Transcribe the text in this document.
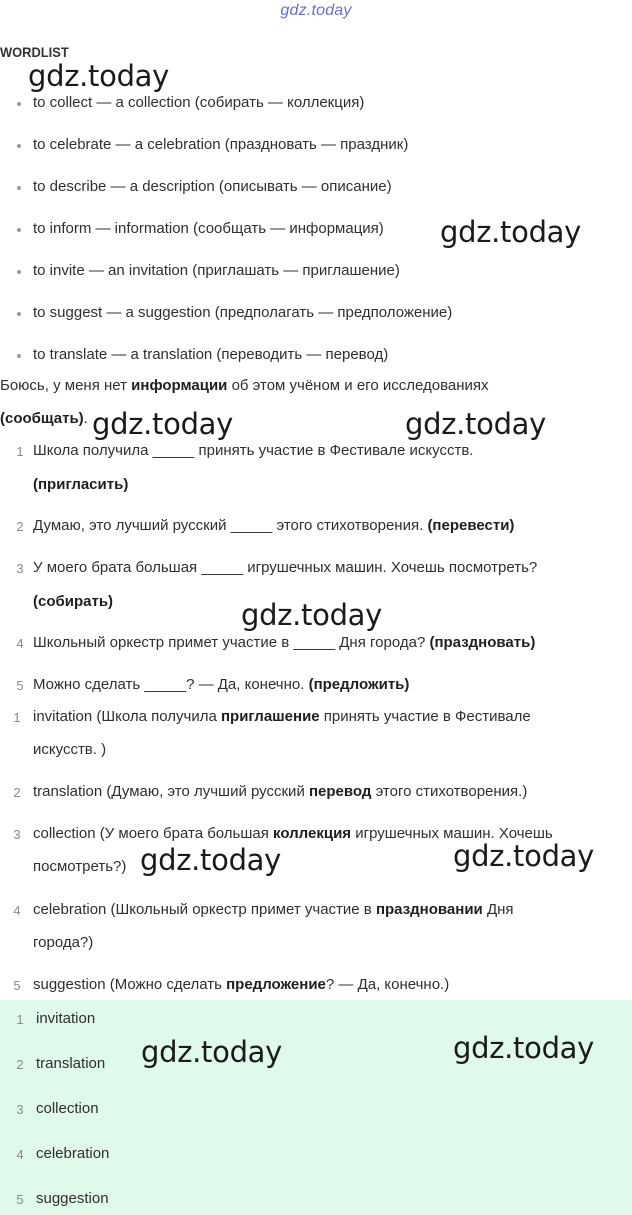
gdz.today
WORDLIST
to collect — a collection (собирать — коллекция)
to celebrate — a celebration (праздновать — праздник)
to describe — a description (описывать — описание)
to inform — information (сообщать — информация)
to invite — an invitation (приглашать — приглашение)
to suggest — a suggestion (предполагать — предположение)
to translate — a translation (переводить — перевод)
Боюсь, у меня нет информации об этом учёном и его исследованиях
(сообщать).
1 Школа получила _____ принять участие в Фестивале искусств.
(пригласить)
2 Думаю, это лучший русский _____ этого стихотворения. (перевести)
3 У моего брата большая _____ игрушечных машин. Хочешь посмотреть?
(собирать)
4 Школьный оркестр примет участие в _____ Дня города? (праздновать)
5 Можно сделать _____? — Да, конечно. (предложить)
1 invitation (Школа получила приглашение принять участие в Фестивале
искусств. )
2 translation (Думаю, это лучший русский перевод этого стихотворения.)
3 collection (У моего брата большая коллекция игрушечных машин. Хочешь
посмотреть?)
4 celebration (Школьный оркестр примет участие в праздновании Дня
города?)
5 suggestion (Можно сделать предложение? — Да, конечно.)
1 invitation
2 translation
3 collection
4 celebration
5 suggestion
gdz.today
gdz.today
gdz.today	gdz.today
gdz.today
gdz.today	gdz.today
gdz.today	gdz.today
